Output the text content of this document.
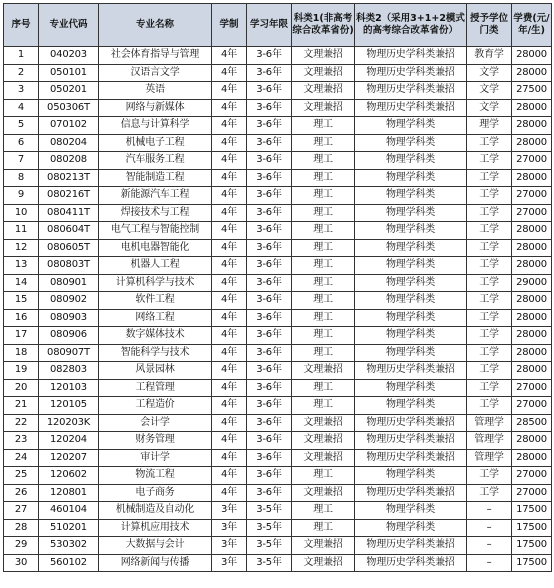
序号	专业代码	专业名称	学制	学习年限	科类1(非高考综合改革省份)	科类2（采用3+1+2模式的高考综合改革省份）	授予学位门类	学费(元/年/生)
1	040203	社会体育指导与管理	4年	3-6年	文理兼招	物理历史学科类兼招	教育学	28000
2	050101	汉语言文学	4年	3-6年	文理兼招	物理历史学科类兼招	文学	28000
3	050201	英语	4年	3-6年	文理兼招	物理历史学科类兼招	文学	27500
4	050306T	网络与新媒体	4年	3-6年	文理兼招	物理历史学科类兼招	文学	28000
5	070102	信息与计算科学	4年	3-6年	理工	物理学科类	理学	28000
6	080204	机械电子工程	4年	3-6年	理工	物理学科类	工学	28000
7	080208	汽车服务工程	4年	3-6年	理工	物理学科类	工学	27000
8	080213T	智能制造工程	4年	3-6年	理工	物理学科类	工学	28000
9	080216T	新能源汽车工程	4年	3-6年	理工	物理学科类	工学	27000
10	080411T	焊接技术与工程	4年	3-6年	理工	物理学科类	工学	27000
11	080604T	电气工程与智能控制	4年	3-6年	理工	物理学科类	工学	28000
12	080605T	电机电器智能化	4年	3-6年	理工	物理学科类	工学	28000
13	080803T	机器人工程	4年	3-6年	理工	物理学科类	工学	28000
14	080901	计算机科学与技术	4年	3-6年	理工	物理学科类	工学	29000
15	080902	软件工程	4年	3-6年	理工	物理学科类	工学	28000
16	080903	网络工程	4年	3-6年	理工	物理学科类	工学	28000
17	080906	数字媒体技术	4年	3-6年	理工	物理学科类	工学	28000
18	080907T	智能科学与技术	4年	3-6年	理工	物理学科类	工学	28000
19	082803	风景园林	4年	3-6年	文理兼招	物理历史学科类兼招	工学	28000
20	120103	工程管理	4年	3-6年	理工	物理学科类	工学	27000
21	120105	工程造价	4年	3-6年	理工	物理学科类	工学	27000
22	120203K	会计学	4年	3-6年	文理兼招	物理历史学科类兼招	管理学	28500
23	120204	财务管理	4年	3-6年	文理兼招	物理历史学科类兼招	管理学	28000
24	120207	审计学	4年	3-6年	文理兼招	物理历史学科类兼招	管理学	28000
25	120602	物流工程	4年	3-6年	理工	物理学科类	工学	27000
26	120801	电子商务	4年	3-6年	文理兼招	物理历史学科类兼招	工学	27000
27	460104	机械制造及自动化	3年	3-5年	理工	物理学科类	–	17500
28	510201	计算机应用技术	3年	3-5年	理工	物理学科类	–	17500
29	530302	大数据与会计	3年	3-5年	文理兼招	物理历史学科类兼招	–	17500
30	560102	网络新闻与传播	3年	3-5年	文理兼招	物理历史学科类兼招	–	17500
